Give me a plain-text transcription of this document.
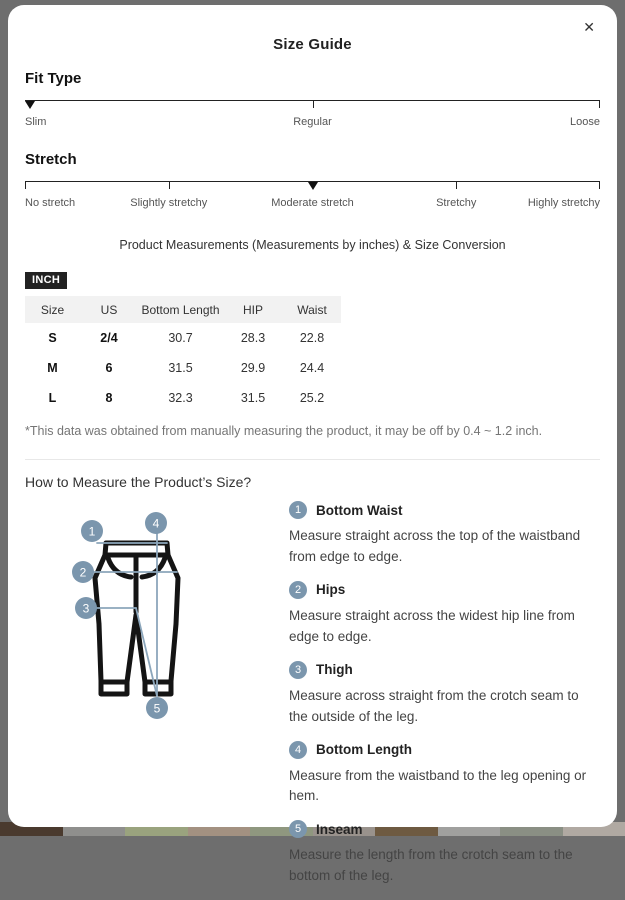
✕
Size Guide
Fit Type
Slim	Regular	Loose
Stretch
No stretch	Slightly stretchy	Moderate stretch	Stretchy	Highly stretchy
Product Measurements (Measurements by inches) & Size Conversion
INCH
Size	US	Bottom Length	HIP	Waist
S	2/4	30.7	28.3	22.8
M	6	31.5	29.9	24.4
L	8	32.3	31.5	25.2
*This data was obtained from manually measuring the product, it may be off by 0.4 ~ 1.2 inch.
How to Measure the Product’s Size?
1
2
3
4
5
1	Bottom Waist
Measure straight across the top of the waistband from edge to edge.
2	Hips
Measure straight across the widest hip line from edge to edge.
3	Thigh
Measure across straight from the crotch seam to the outside of the leg.
4	Bottom Length
Measure from the waistband to the leg opening or hem.
5	Inseam
Measure the length from the crotch seam to the bottom of the leg.
